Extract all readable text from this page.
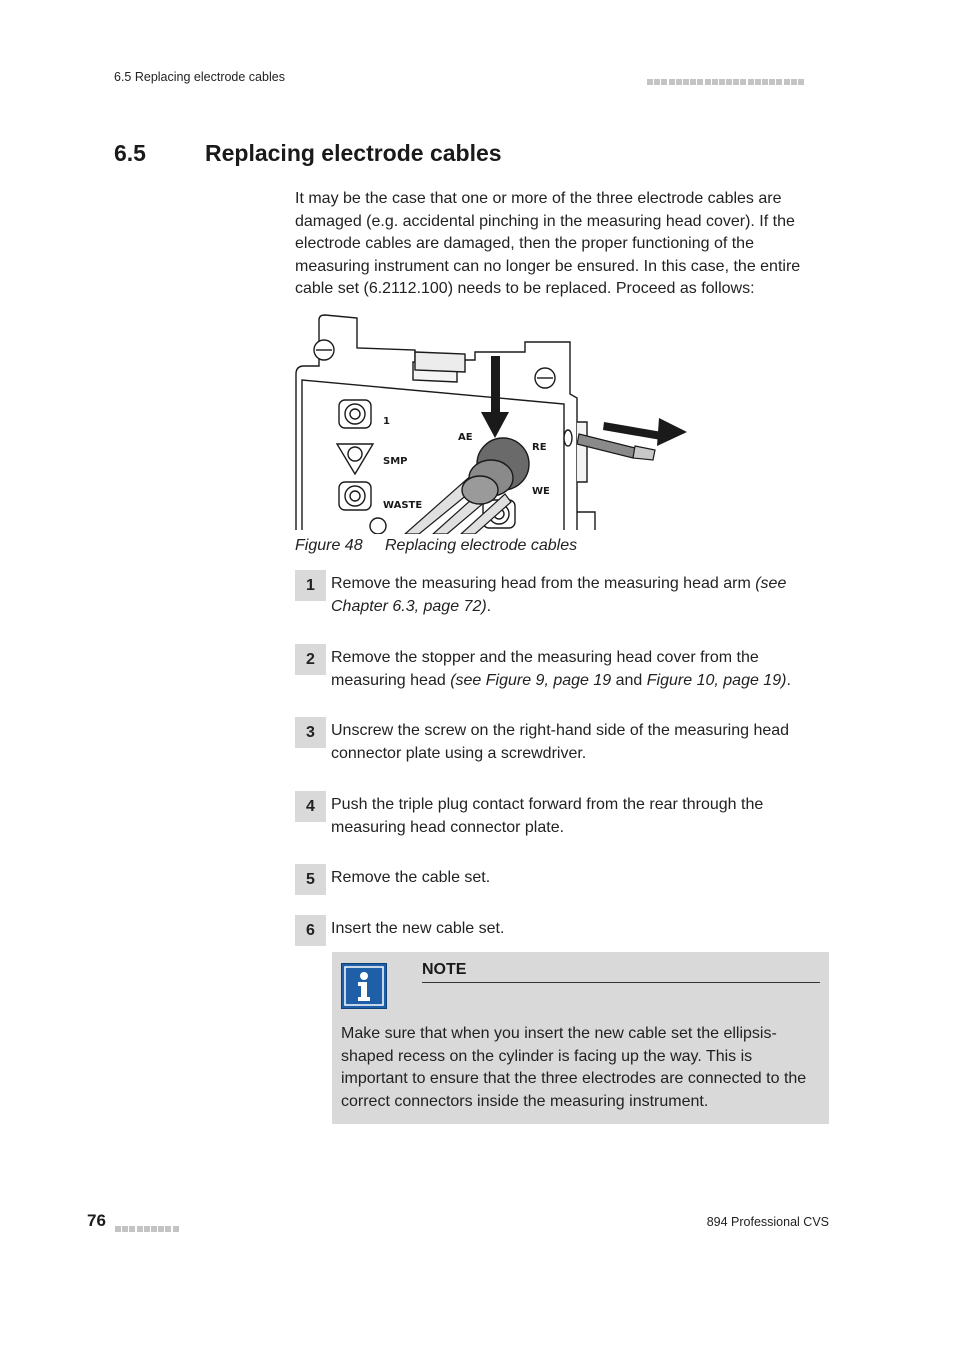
6.5 Replacing electrode cables
6.5	Replacing electrode cables
It may be the case that one or more of the three electrode cables are damaged (e.g. accidental pinching in the measuring head cover). If the electrode cables are damaged, then the proper functioning of the measuring instrument can no longer be ensured. In this case, the entire cable set (6.2112.100) needs to be replaced. Proceed as follows:
1
SMP
WASTE
AE
RE
WE
Figure 48 Replacing electrode cables
1	Remove the measuring head from the measuring head arm (see Chapter 6.3, page 72).
2	Remove the stopper and the measuring head cover from the measuring head (see Figure 9, page 19 and Figure 10, page 19).
3	Unscrew the screw on the right-hand side of the measuring head connector plate using a screwdriver.
4	Push the triple plug contact forward from the rear through the measuring head connector plate.
5	Remove the cable set.
6	Insert the new cable set.
NOTE
Make sure that when you insert the new cable set the ellipsis-shaped recess on the cylinder is facing up the way. This is important to ensure that the three electrodes are connected to the correct connectors inside the measuring instrument.
76	894 Professional CVS
